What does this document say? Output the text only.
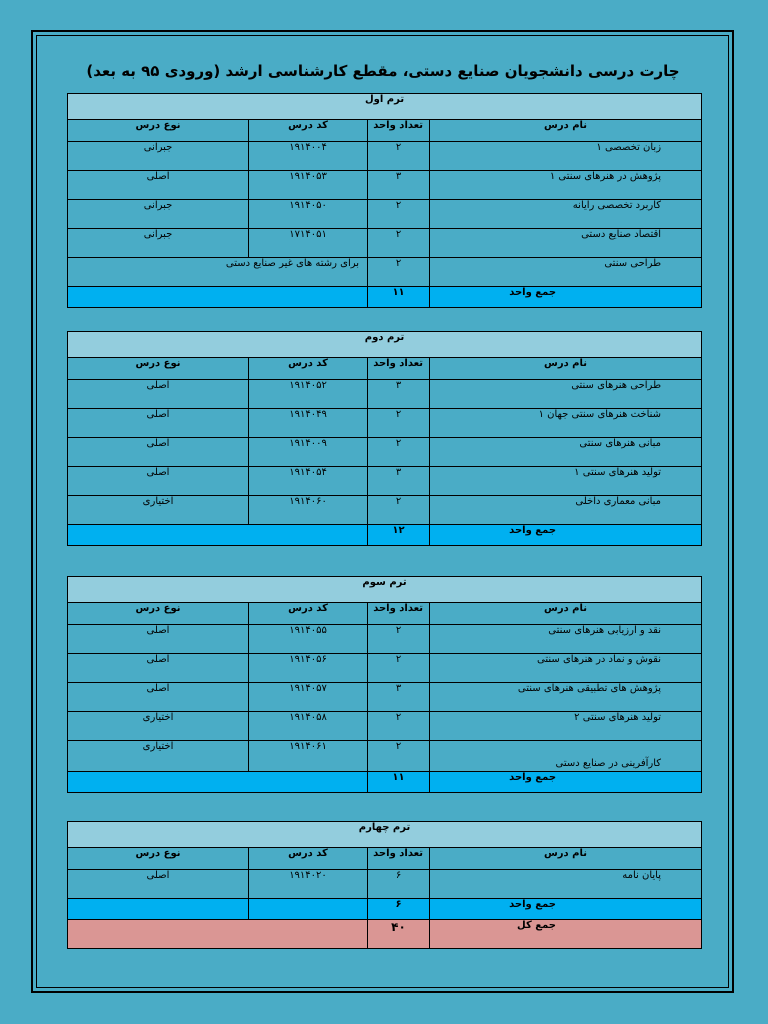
چارت درسی دانشجویان صنایع دستی، مقطع کارشناسی ارشد (ورودی ۹۵ به بعد)
ترم اول			
نام درس	تعداد واحد	کد درس	نوع درس
زبان تخصصی ۱	۲	۱۹۱۴۰۰۴	جبرانی
پژوهش در هنرهای سنتی ۱	۳	۱۹۱۴۰۵۳	اصلی
کاربرد تخصصی رایانه	۲	۱۹۱۴۰۵۰	جبرانی
اقتصاد صنایع دستی	۲	۱۷۱۴۰۵۱	جبرانی
طراحی سنتی	۲	برای رشته های غیر صنایع دستی	
جمع واحد	۱۱		
ترم دوم			
نام درس	تعداد واحد	کد درس	نوع درس
طراحی هنرهای سنتی	۳	۱۹۱۴۰۵۲	اصلی
شناخت هنرهای سنتی جهان ۱	۲	۱۹۱۴۰۴۹	اصلی
مبانی هنرهای سنتی	۲	۱۹۱۴۰۰۹	اصلی
تولید هنرهای سنتی ۱	۳	۱۹۱۴۰۵۴	اصلی
مبانی معماری داخلی	۲	۱۹۱۴۰۶۰	اختیاری
جمع واحد	۱۲		
ترم سوم			
نام درس	تعداد واحد	کد درس	نوع درس
نقد و ارزیابی هنرهای سنتی	۲	۱۹۱۴۰۵۵	اصلی
نقوش و نماد در هنرهای سنتی	۲	۱۹۱۴۰۵۶	اصلی
پژوهش های تطبیقی هنرهای سنتی	۳	۱۹۱۴۰۵۷	اصلی
تولید هنرهای سنتی ۲	۲	۱۹۱۴۰۵۸	اختیاری
کارآفرینی در صنایع دستی	۲	۱۹۱۴۰۶۱	اختیاری
جمع واحد	۱۱		
ترم چهارم			
نام درس	تعداد واحد	کد درس	نوع درس
پایان نامه	۶	۱۹۱۴۰۲۰	اصلی
جمع واحد	۶		
جمع کل	۴۰		
